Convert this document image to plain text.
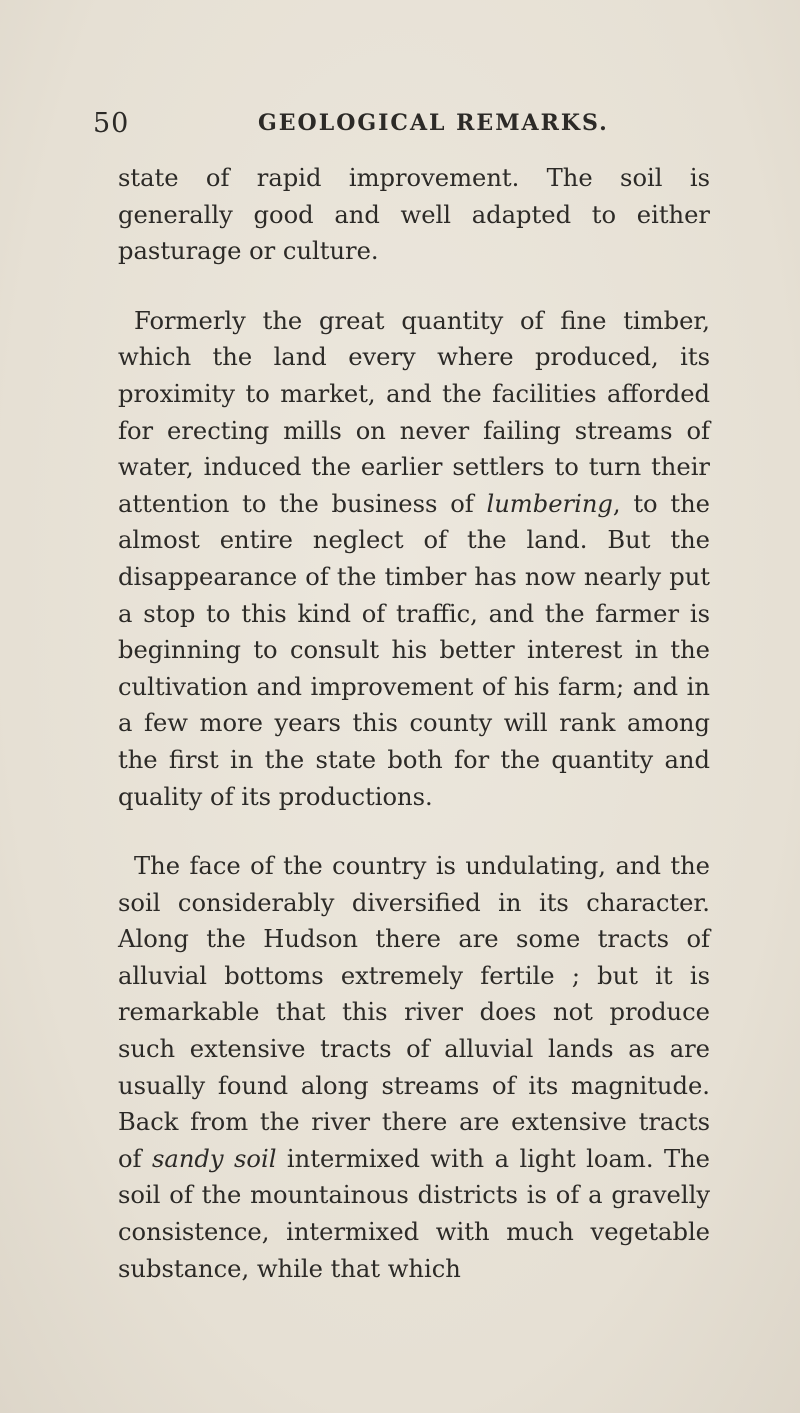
50	GEOLOGICAL REMARKS.

state of rapid improvement. The soil is generally good and well adapted to either pasturage or culture.

Formerly the great quantity of fine timber, which the land every where produced, its proximity to market, and the facilities afforded for erecting mills on never failing streams of water, induced the earlier settlers to turn their attention to the business of lumbering, to the almost entire neglect of the land. But the disappearance of the timber has now nearly put a stop to this kind of traffic, and the farmer is beginning to consult his better interest in the cultivation and improvement of his farm; and in a few more years this county will rank among the first in the state both for the quantity and quality of its productions.

The face of the country is undulating, and the soil considerably diversified in its character. Along the Hudson there are some tracts of alluvial bottoms extremely fertile ; but it is remarkable that this river does not produce such extensive tracts of alluvial lands as are usually found along streams of its magnitude. Back from the river there are extensive tracts of sandy soil intermixed with a light loam. The soil of the mountainous districts is of a gravelly consistence, intermixed with much vegetable substance, while that which
